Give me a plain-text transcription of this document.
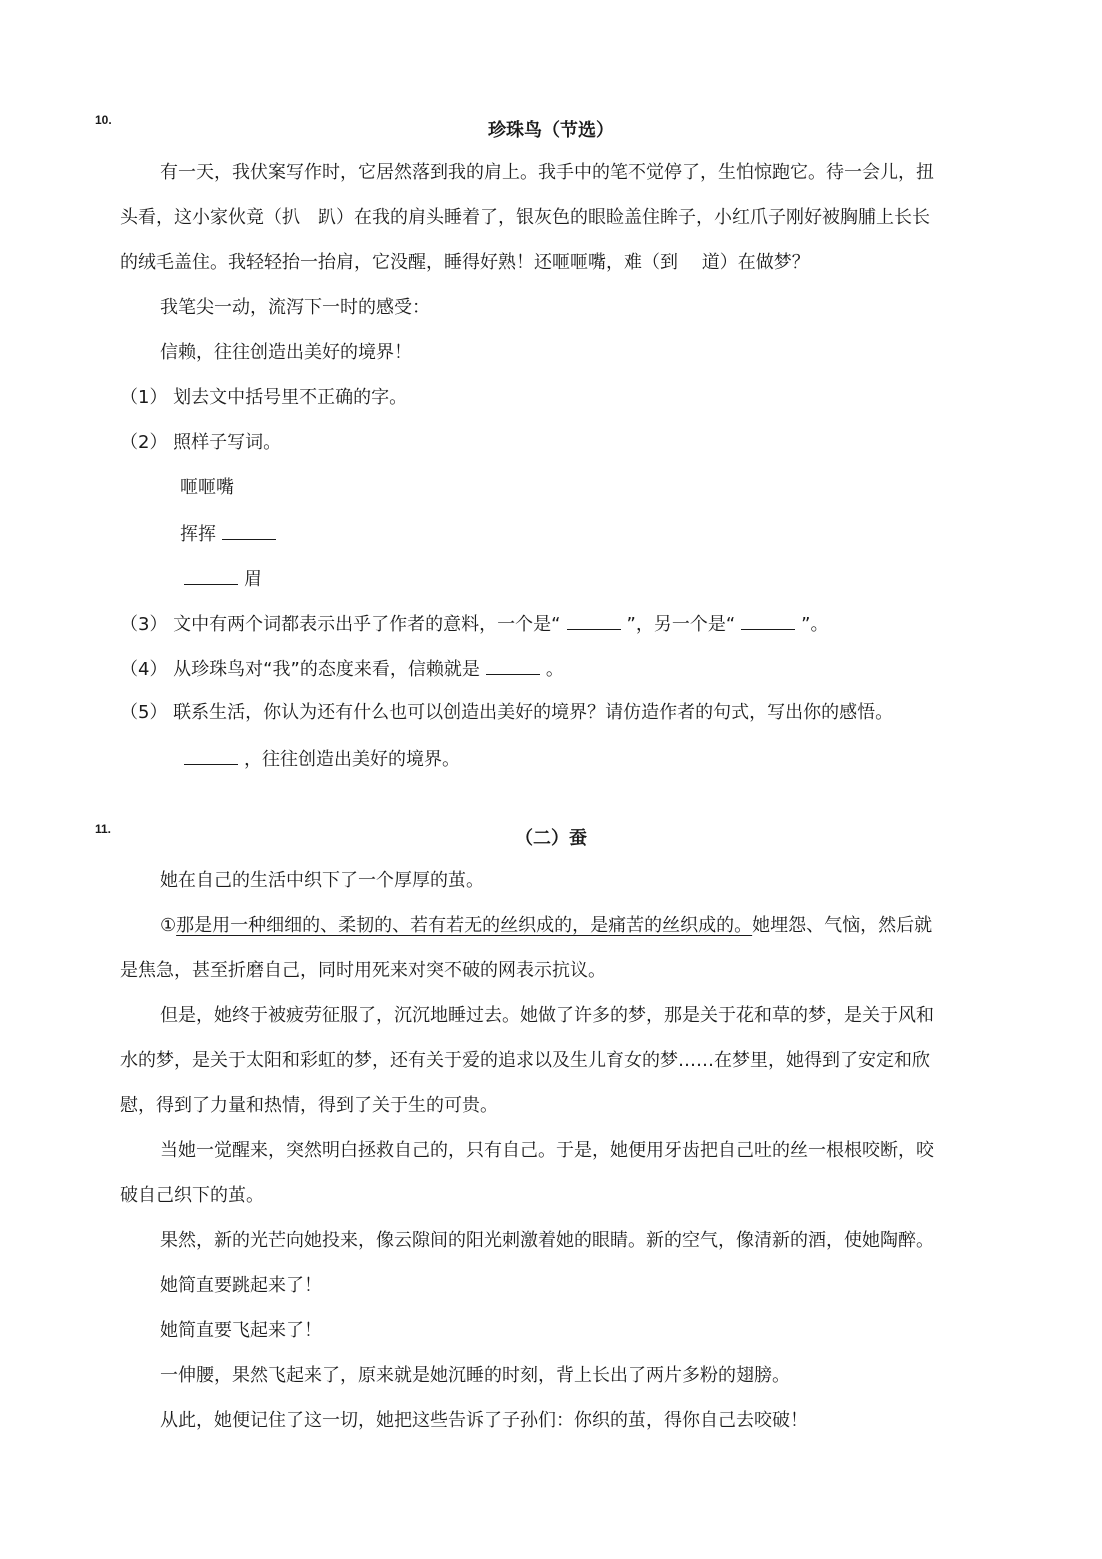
10.	珍珠鸟（节选）
有一天，我伏案写作时，它居然落到我的肩上。我手中的笔不觉停了，生怕惊跑它。待一会儿，扭
头看，这小家伙竟（扒　趴）在我的肩头睡着了，银灰色的眼睑盖住眸子，小红爪子刚好被胸脯上长长
的绒毛盖住。我轻轻抬一抬肩，它没醒，睡得好熟！还咂咂嘴，难（到　 道）在做梦？
我笔尖一动，流泻下一时的感受：
信赖，往往创造出美好的境界！
（1） 划去文中括号里不正确的字。
（2） 照样子写词。
咂咂嘴
挥挥
眉
（3） 文中有两个词都表示出乎了作者的意料，一个是“	”，另一个是“	”。
（4） 从珍珠鸟对“我”的态度来看，信赖就是	。
（5） 联系生活，你认为还有什么也可以创造出美好的境界？请仿造作者的句式，写出你的感悟。
，往往创造出美好的境界。
11.	（二）蚕
她在自己的生活中织下了一个厚厚的茧。
①那是用一种细细的、柔韧的、若有若无的丝织成的，是痛苦的丝织成的。她埋怨、气恼，然后就
是焦急，甚至折磨自己，同时用死来对突不破的网表示抗议。
但是，她终于被疲劳征服了，沉沉地睡过去。她做了许多的梦，那是关于花和草的梦，是关于风和
水的梦，是关于太阳和彩虹的梦，还有关于爱的追求以及生儿育女的梦……在梦里，她得到了安定和欣
慰，得到了力量和热情，得到了关于生的可贵。
当她一觉醒来，突然明白拯救自己的，只有自己。于是，她便用牙齿把自己吐的丝一根根咬断，咬
破自己织下的茧。
果然，新的光芒向她投来，像云隙间的阳光刺激着她的眼睛。新的空气，像清新的酒，使她陶醉。
她简直要跳起来了！
她简直要飞起来了！
一伸腰，果然飞起来了，原来就是她沉睡的时刻，背上长出了两片多粉的翅膀。
从此，她便记住了这一切，她把这些告诉了子孙们：你织的茧，得你自己去咬破！
